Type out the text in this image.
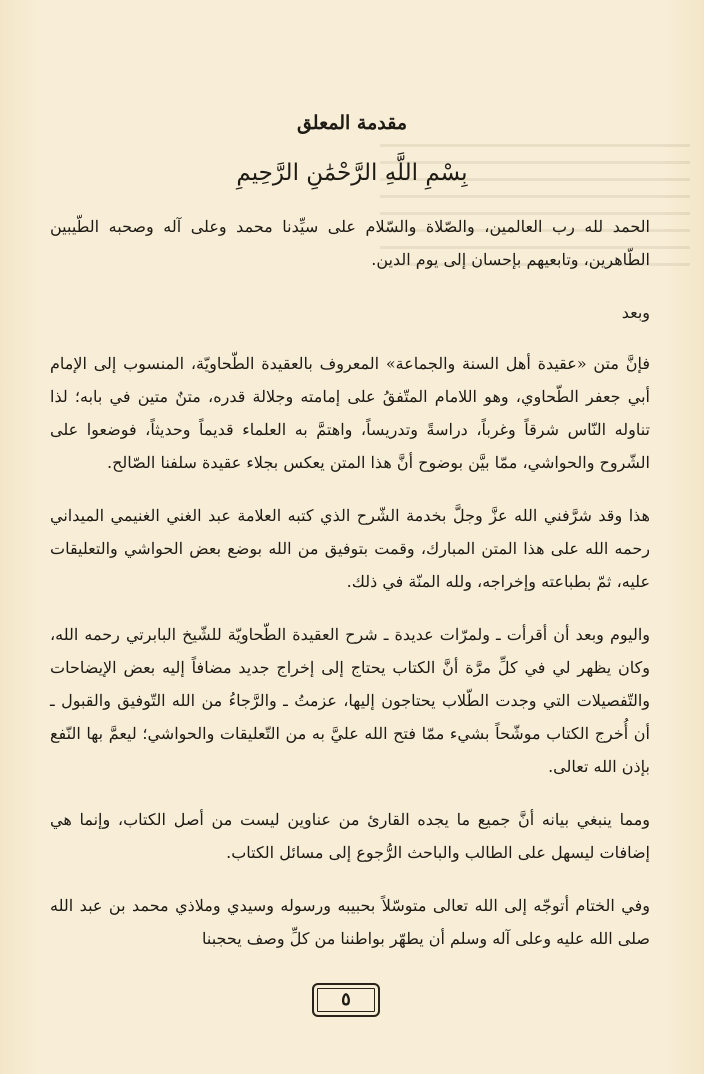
مقدمة المعلق
بِسْمِ اللَّهِ الرَّحْمَٰنِ الرَّحِيمِ

الحمد لله رب العالمين، والصّلاة والسّلام على سيِّدنا محمد وعلى آله وصحبه الطّيبين الطّاهرين، وتابعيهم بإحسان إلى يوم الدين.

وبعد

فإنَّ متن «عقيدة أهل السنة والجماعة» المعروف بالعقيدة الطّحاويّة، المنسوب إلى الإمام أبي جعفر الطّحاوي، وهو اللامام المتّفقُ على إمامته وجلالة قدره، متنٌ متين في بابه؛ لذا تناوله النّاس شرقاً وغرباً، دراسةً وتدريساً، واهتمَّ به العلماء قديماً وحديثاً، فوضعوا على الشّروح والحواشي، ممّا بيَّن بوضوح أنَّ هذا المتن يعكس بجلاء عقيدة سلفنا الصّالح.

هذا وقد شرَّفني الله عزَّ وجلَّ بخدمة الشّرح الذي كتبه العلامة عبد الغني الغنيمي الميداني رحمه الله على هذا المتن المبارك، وقمت بتوفيق من الله بوضع بعض الحواشي والتعليقات عليه، ثمّ بطباعته وإخراجه، ولله المنّة في ذلك.

واليوم وبعد أن أقرأت ـ ولمرّات عديدة ـ شرح العقيدة الطّحاويّة للشّيخ البابرتي رحمه الله، وكان يظهر لي في كلِّ مرَّة أنَّ الكتاب يحتاج إلى إخراج جديد مضافاً إليه بعض الإيضاحات والتّفصيلات التي وجدت الطّلاب يحتاجون إليها، عزمتُ ـ والرَّجاءُ من الله التّوفيق والقبول ـ أن أُخرج الكتاب موشّحاً بشيء ممّا فتح الله عليَّ به من التّعليقات والحواشي؛ ليعمَّ بها النّفع بإذن الله تعالى.

ومما ينبغي بيانه أنَّ جميع ما يجده القارئ من عناوين ليست من أصل الكتاب، وإنما هي إضافات ليسهل على الطالب والباحث الرُّجوع إلى مسائل الكتاب.

وفي الختام أتوجّه إلى الله تعالى متوسّلاً بحبيبه ورسوله وسيدي وملاذي محمد بن عبد الله صلى الله عليه وعلى آله وسلم أن يطهّر بواطننا من كلِّ وصف يحجبنا

٥
